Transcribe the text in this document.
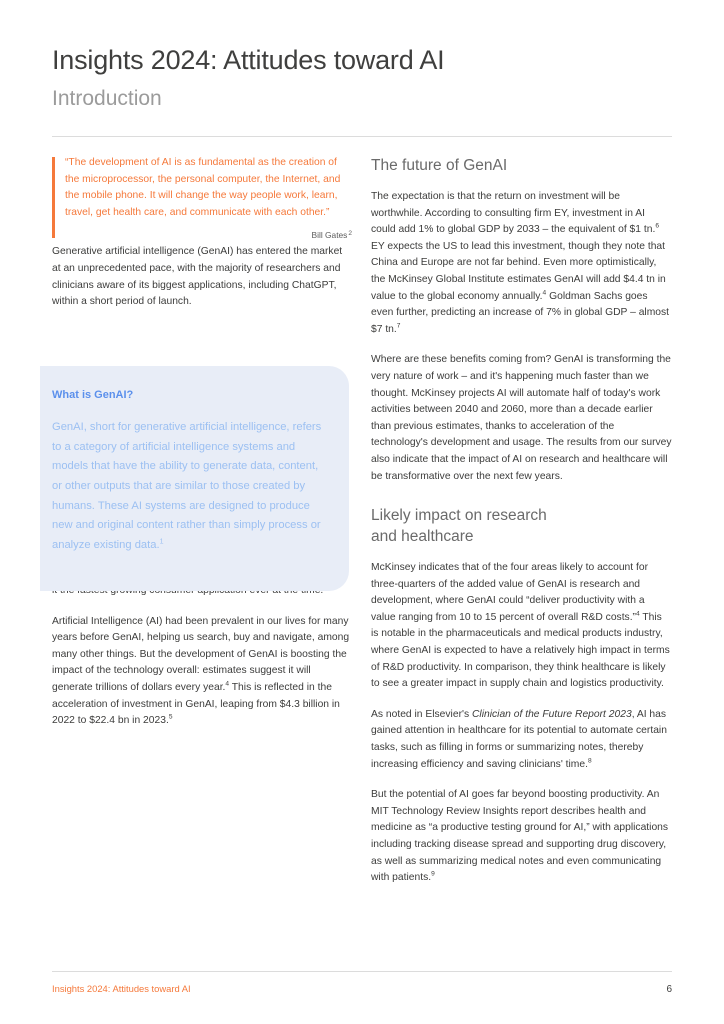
Insights 2024: Attitudes toward AI
Introduction

“The development of AI is as fundamental as the creation of the microprocessor, the personal computer, the Internet, and the mobile phone. It will change the way people work, learn, travel, get health care, and communicate with each other.”

Bill Gates$^2$

Generative artificial intelligence (GenAI) has entered the market at an unprecedented pace, with the majority of researchers and clinicians aware of its biggest applications, including ChatGPT, within a short period of launch.

Artificial Intelligence (AI) had been prevalent in our lives for many years before GenAI, helping us search, buy and navigate, among many other things. But the development of GenAI is boosting the impact of the technology overall: estimates suggest it will generate trillions of dollars every year.$^4$ This is reflected in the acceleration of investment in GenAI, leaping from $4.3 billion in 2022 to $22.4 bn in 2023.$^5$

What is GenAI?

GenAI, short for generative artificial intelligence, refers to a category of artificial intelligence systems and models that have the ability to generate data, content, or other outputs that are similar to those created by humans. These AI systems are designed to produce new and original content rather than simply process or analyze existing data.$^1$

The future of GenAI

The expectation is that the return on investment will be worthwhile. According to consulting firm EY, investment in AI could add 1% to global GDP by 2033 – the equivalent of $1 tn.$^6$ EY expects the US to lead this investment, though they note that China and Europe are not far behind. Even more optimistically, the McKinsey Global Institute estimates GenAI will add $4.4 tn in value to the global economy annually.$^4$ Goldman Sachs goes even further, predicting an increase of 7% in global GDP – almost $7 tn.$^7$

Where are these benefits coming from? GenAI is transforming the very nature of work – and it's happening much faster than we thought. McKinsey projects AI will automate half of today's work activities between 2040 and 2060, more than a decade earlier than previous estimates, thanks to acceleration of the technology's development and usage. The results from our survey also indicate that the impact of AI on research and healthcare will be transformative over the next few years.

Likely impact on research
and healthcare

McKinsey indicates that of the four areas likely to account for three-quarters of the added value of GenAI is research and development, where GenAI could “deliver productivity with a value ranging from 10 to 15 percent of overall R&D costs.”$^4$ This is notable in the pharmaceuticals and medical products industry, where GenAI is expected to have a relatively high impact in terms of R&D productivity. In comparison, they think healthcare is likely to see a greater impact in supply chain and logistics productivity.

As noted in Elsevier's Clinician of the Future Report 2023, AI has gained attention in healthcare for its potential to automate certain tasks, such as filling in forms or summarizing notes, thereby increasing efficiency and saving clinicians' time.$^8$

But the potential of AI goes far beyond boosting productivity. An MIT Technology Review Insights report describes health and medicine as “a productive testing ground for AI,” with applications including tracking disease spread and supporting drug discovery, as well as summarizing medical notes and even communicating with patients.$^9$

Insights 2024: Attitudes toward AI	6
